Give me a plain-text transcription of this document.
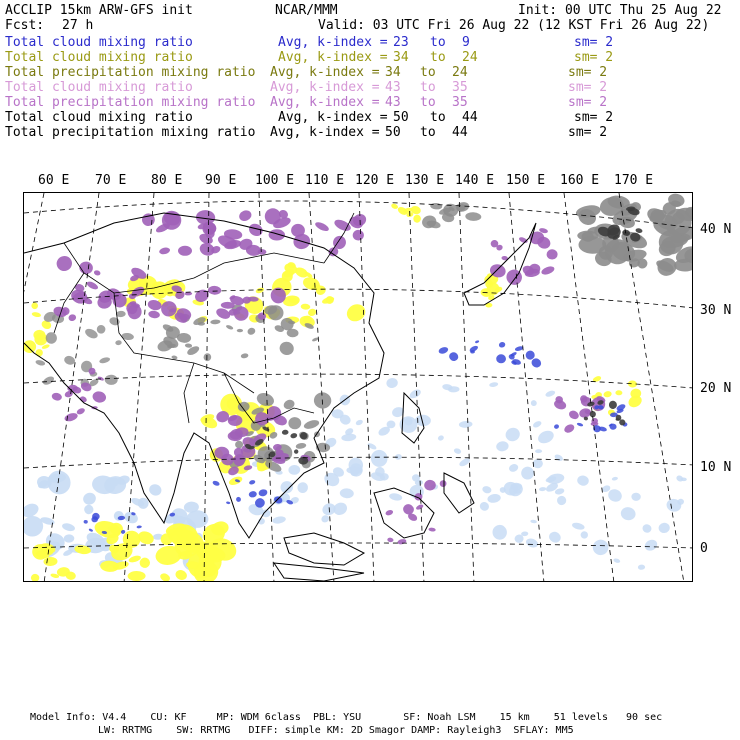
ACCLIP 15km ARW-GFS init	NCAR/MMM	Init: 00 UTC Thu 25 Aug 22
Fcst: 27 h	Valid: 03 UTC Fri 26 Aug 22 (12 KST Fri 26 Aug 22)
Total cloud mixing ratio	Avg, k-index = 23 to 9	sm= 2
Total cloud mixing ratio	Avg, k-index = 34 to 24	sm= 2
Total precipitation mixing ratio Avg, k-index = 34 to 24	sm= 2
Total cloud mixing ratio	Avg, k-index = 43 to 35	sm= 2
Total precipitation mixing ratio Avg, k-index = 43 to 35	sm= 2
Total cloud mixing ratio	Avg, k-index = 50 to 44	sm= 2
Total precipitation mixing ratio Avg, k-index = 50 to 44	sm= 2
60 E 70 E 80 E 90 E 100 E 110 E 120 E 130 E 140 E 150 E 160 E 170 E
40 N
30 N
20 N
10 N
0
Model Info: V4.4    CU: KF     MP: WDM 6class  PBL: YSU       SF: Noah LSM    15 km    51 levels   90 sec
LW: RRTMG    SW: RRTMG   DIFF: simple KM: 2D Smagor DAMP: Rayleigh3  SFLAY: MM5
